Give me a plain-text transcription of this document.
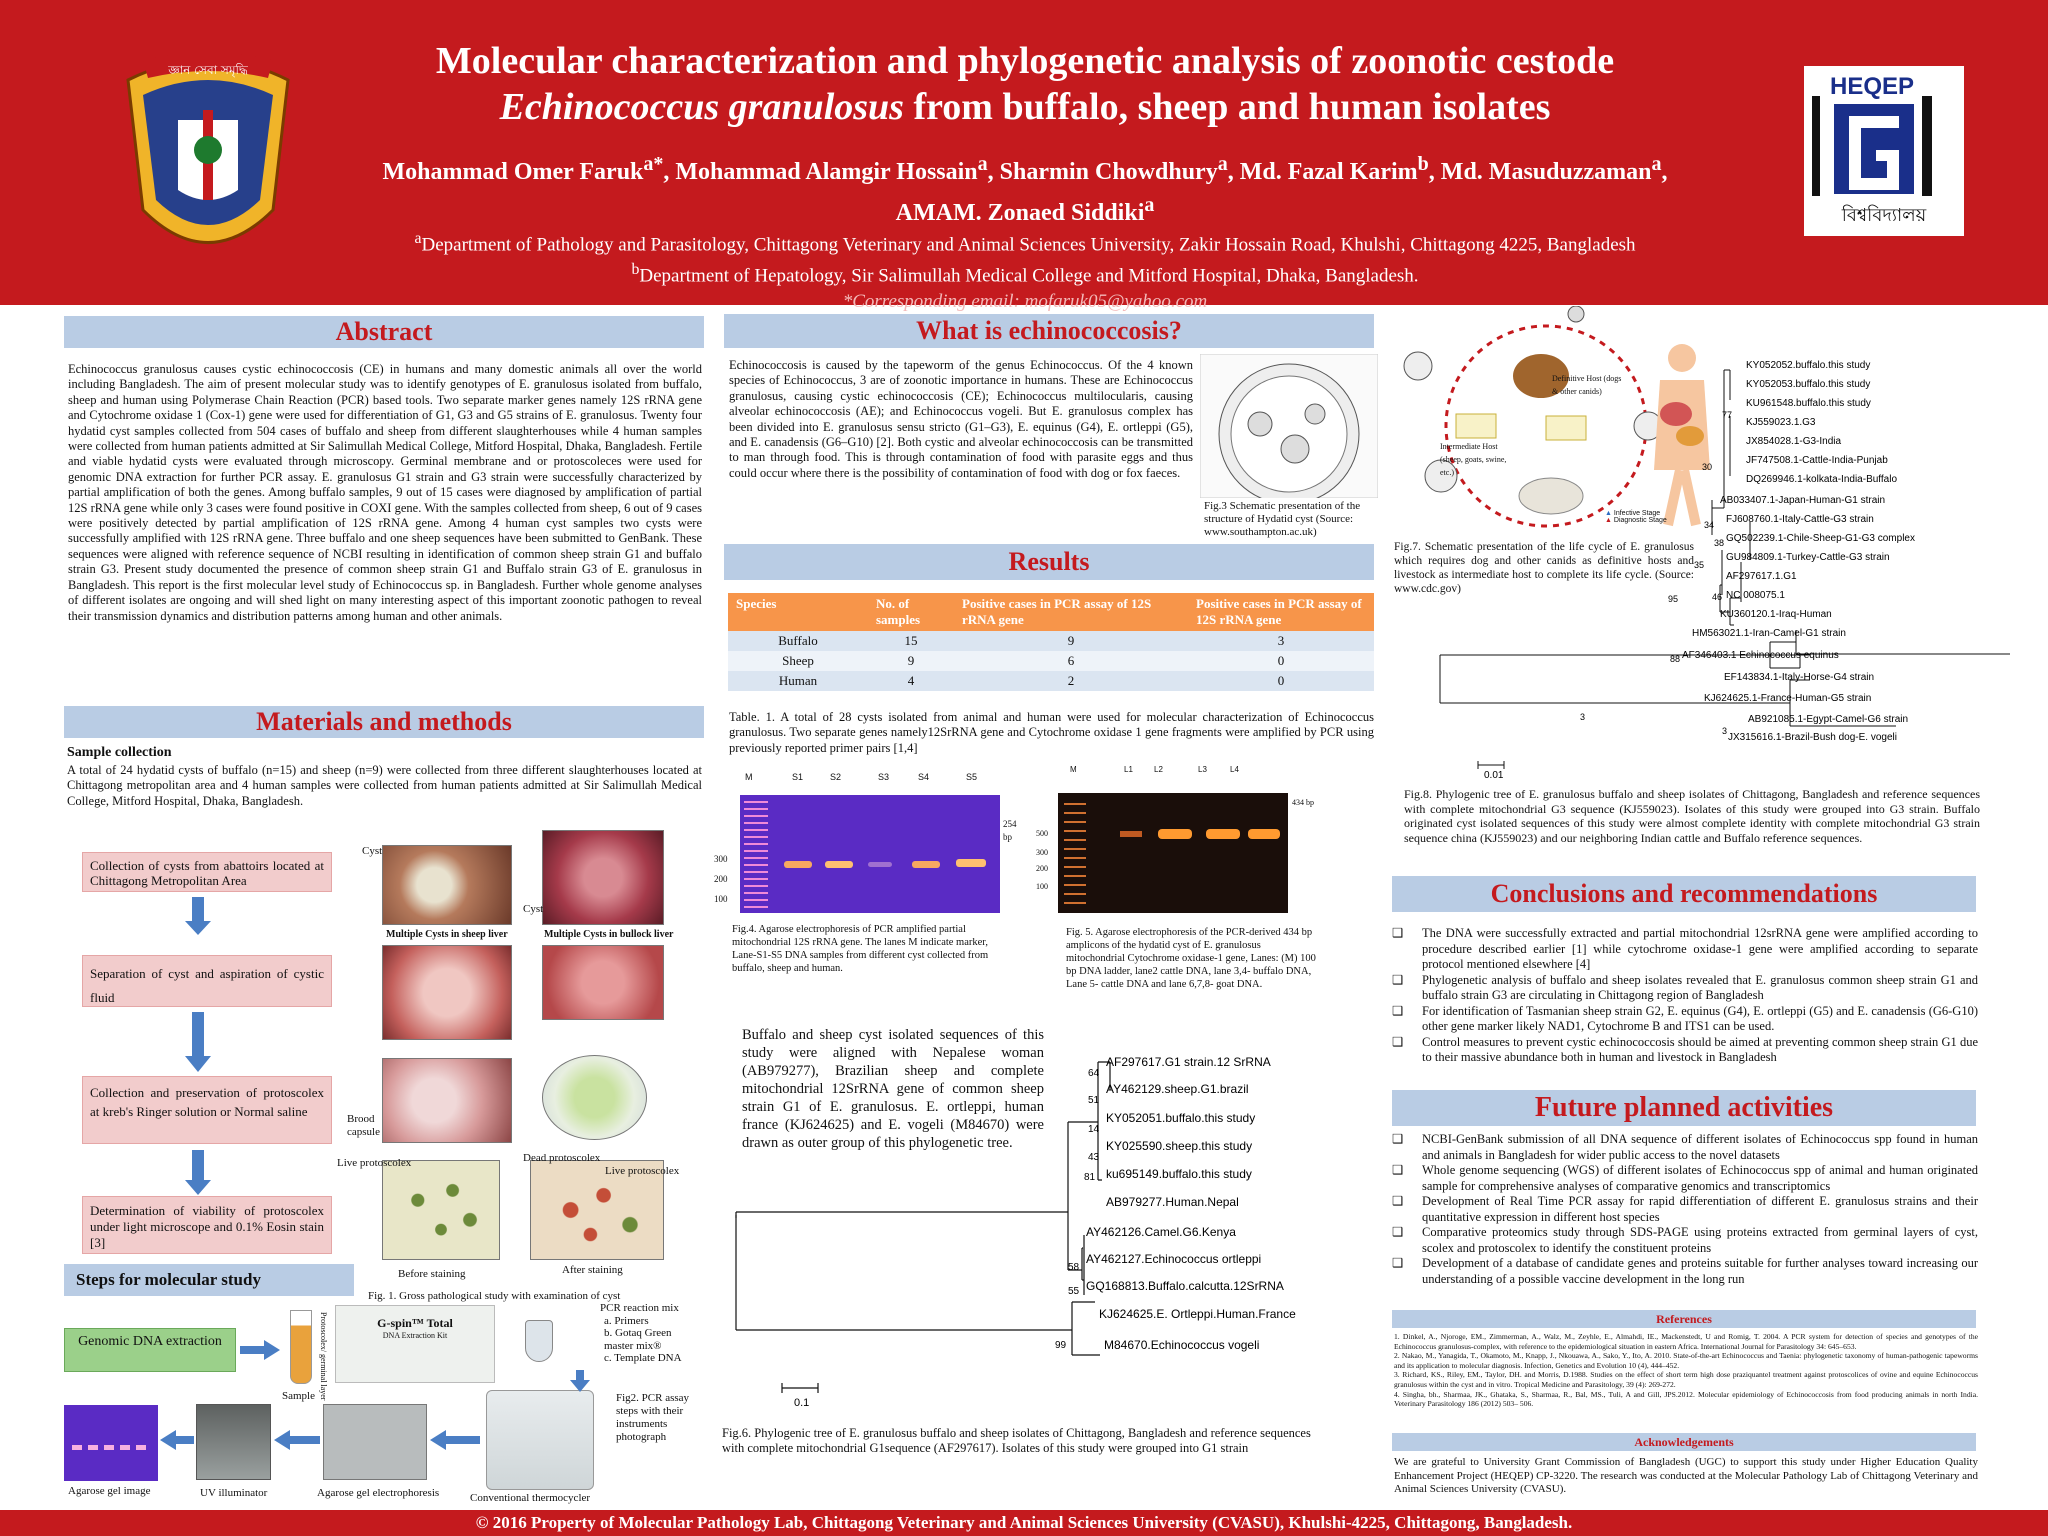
জ্ঞান সেবা সমৃদ্ধি	Molecular characterization and phylogenetic analysis of zoonotic cestode
Echinococcus granulosus from buffalo, sheep and human isolates
Mohammad Omer Faruk$^{a*}$, Mohammad Alamgir Hossain$^a$, Sharmin Chowdhury$^a$, Md. Fazal Karim$^b$, Md. Masuduzzaman$^a$,
AMAM. Zonaed Siddiki$^a$
$^a$Department of Pathology and Parasitology, Chittagong Veterinary and Animal Sciences University, Zakir Hossain Road, Khulshi, Chittagong 4225, Bangladesh
$^b$Department of Hepatology, Sir Salimullah Medical College and Mitford Hospital, Dhaka, Bangladesh.
*Corresponding email: mofaruk05@yahoo.com
HEQEP
বিশ্ববিদ্যালয়
Abstract
Echinococcus granulosus causes cystic echinococcosis (CE) in humans and many domestic animals all over the world including Bangladesh. The aim of present molecular study was to identify genotypes of E. granulosus isolated from buffalo, sheep and human using Polymerase Chain Reaction (PCR) based tools. Two separate marker genes namely 12S rRNA gene and Cytochrome oxidase 1 (Cox-1) gene were used for differentiation of G1, G3 and G5 strains of E. granulosus. Twenty four hydatid cyst samples collected from 504 cases of buffalo and sheep from different slaughterhouses while 4 human samples were collected from human patients admitted at Sir Salimullah Medical College, Mitford Hospital, Dhaka, Bangladesh. Fertile and viable hydatid cysts were evaluated through microscopy. Germinal membrane and or protoscoleces were used for genomic DNA extraction for further PCR assay. E. granulosus G1 strain and G3 strain were successfully characterized by partial amplification of both the genes. Among buffalo samples, 9 out of 15 cases were diagnosed by amplification of partial 12S rRNA gene while only 3 cases were found positive in COXI gene. With the samples collected from sheep, 6 out of 9 cases were positively detected by partial amplification of 12S rRNA gene. Among 4 human cyst samples two cysts were successfully amplified with 12S rRNA gene. Three buffalo and one sheep sequences have been submitted to GenBank. These sequences were aligned with reference sequence of NCBI resulting in identification of common sheep strain G1 and buffalo strain G3. Present study documented the presence of common sheep strain G1 and Buffalo strain G3 of E. granulosus in Bangladesh. This report is the first molecular level study of Echinococcus sp. in Bangladesh. Further whole genome analyses of different isolates are ongoing and will shed light on many interesting aspect of this important zoonotic pathogen to reveal their transmission dynamics and distribution patterns among human and other animals.
Materials and methods
Sample collection
A total of 24 hydatid cysts of buffalo (n=15) and sheep (n=9) were collected from three different slaughterhouses located at Chittagong metropolitan area and 4 human samples were collected from human patients admitted at Sir Salimullah Medical College, Mitford Hospital, Dhaka, Bangladesh.
Collection of cysts from abattoirs located at Chittagong Metropolitan Area
Separation of cyst and aspiration of cystic fluid
Collection and preservation of protoscolex at kreb's Ringer solution or Normal saline
Determination of viability of protoscolex under light microscope and 0.1% Eosin stain [3]
Cyst
Multiple Cysts in sheep liver
Cyst
Multiple Cysts in bullock liver
Brood capsule
Live protoscolex	Dead protoscolex
Live protoscolex
Before staining	After staining
Fig. 1. Gross pathological study with examination of cyst
Steps for molecular study
Genomic DNA extraction	Protoscolex/ germinal layer
Sample
G-spin™ Total
DNA Extraction Kit
PCR reaction mix
a. Primers
b. Gotaq Green master mix®
c. Template DNA
Fig2. PCR assay steps with their instruments photograph
Agarose gel image	UV illuminator	Agarose gel electrophoresis	Conventional thermocycler
What is echinococcosis?
Echinococcosis is caused by the tapeworm of the genus Echinococcus. Of the 4 known species of Echinococcus, 3 are of zoonotic importance in humans. These are Echinococcus granulosus, causing cystic echinococcosis (CE); Echinococcus multilocularis, causing alveolar echinococcosis (AE); and Echinococcus vogeli. But E. granulosus complex has been divided into E. granulosus sensu stricto (G1–G3), E. equinus (G4), E. ortleppi (G5), and E. canadensis (G6–G10) [2]. Both cystic and alveolar echinococcosis can be transmitted to man through food. This is through contamination of food with parasite eggs and thus could occur where there is the possibility of contamination of food with dog or fox faeces.
Fig.3 Schematic presentation of the structure of Hydatid cyst (Source: www.southampton.ac.uk)
Results
Species	No. of samples	Positive cases in PCR assay of 12S rRNA gene	Positive cases in PCR assay of 12S rRNA gene
Buffalo	15	9	3
Sheep	9	6	0
Human	4	2	0
Table. 1. A total of 28 cysts isolated from animal and human were used for molecular characterization of Echinococcus granulosus. Two separate genes namely12SrRNA gene and Cytochrome oxidase 1 gene fragments were amplified by PCR using previously reported primer pairs [1,4]
M	S1	S2	S3	S4	S5
300
200
100
254 bp
Fig.4. Agarose electrophoresis of PCR amplified partial mitochondrial 12S rRNA gene. The lanes M indicate marker, Lane-S1-S5 DNA samples from different cyst collected from buffalo, sheep and human.
M	L1	L2	L3	L4
500
300
200
100
434 bp
Fig. 5. Agarose electrophoresis of the PCR-derived 434 bp amplicons of the hydatid cyst of E. granulosus mitochondrial Cytochrome oxidase-1 gene, Lanes: (M) 100 bp DNA ladder, lane2 cattle DNA, lane 3,4- buffalo DNA, Lane 5- cattle DNA and lane 6,7,8- goat DNA.
Buffalo and sheep cyst isolated sequences of this study were aligned with Nepalese woman (AB979277), Brazilian sheep and complete mitochondrial 12SrRNA gene of common sheep strain G1 of E. granulosus. E. ortleppi, human france (KJ624625) and E. vogeli (M84670) were drawn as outer group of this phylogenetic tree.
AF297617.G1 strain.12 SrRNA
AY462129.sheep.G1.brazil
KY052051.buffalo.this study
KY025590.sheep.this study
ku695149.buffalo.this study
AB979277.Human.Nepal
AY462126.Camel.G6.Kenya
AY462127.Echinococcus ortleppi
GQ168813.Buffalo.calcutta.12SrRNA
KJ624625.E. Ortleppi.Human.France
M84670.Echinococcus vogeli
64
51
14
43
81
58
55
99
0.1
Fig.6. Phylogenic tree of E. granulosus buffalo and sheep isolates of Chittagong, Bangladesh and reference sequences with complete mitochondrial G1sequence (AF297617). Isolates of this study were grouped into G1 strain
▲ Infective Stage
▲ Diagnostic Stage
Definitive Host (dogs & other canids)
Intermediate Host (sheep, goats, swine, etc.)
Fig.7. Schematic presentation of the life cycle of E. granulosus which requires dog and other canids as definitive hosts and livestock as intermediate host to complete its life cycle. (Source: www.cdc.gov)
KY052052.buffalo.this study
KY052053.buffalo.this study
KU961548.buffalo.this study
KJ559023.1.G3
JX854028.1-G3-India
JF747508.1-Cattle-India-Punjab
DQ269946.1-kolkata-India-Buffalo
AB033407.1-Japan-Human-G1 strain
FJ608760.1-Italy-Cattle-G3 strain
GQ502239.1-Chile-Sheep-G1-G3 complex
GU984809.1-Turkey-Cattle-G3 strain
AF297617.1.G1
NC 008075.1
KU360120.1-Iraq-Human
HM563021.1-Iran-Camel-G1 strain
AF346403.1 Echinococcus equinus
EF143834.1-Italy-Horse-G4 strain
KJ624625.1-France-Human-G5 strain
AB921085.1-Egypt-Camel-G6 strain
JX315616.1-Brazil-Bush dog-E. vogeli
77
30
34
38
35
46
95
88
3
3
0.01
Fig.8. Phylogenic tree of E. granulosus buffalo and sheep isolates of Chittagong, Bangladesh and reference sequences with complete mitochondrial G3 sequence (KJ559023). Isolates of this study were grouped into G3 strain. Buffalo originated cyst isolated sequences of this study were almost complete identity with complete mitochondrial G3 strain sequence china (KJ559023) and our neighboring Indian cattle and Buffalo reference sequences.
Conclusions and recommendations
❑ The DNA were successfully extracted and partial mitochondrial 12srRNA gene were amplified according to procedure described earlier [1] while cytochrome oxidase-1 gene were amplified according to separate protocol mentioned elsewhere [4]
❑ Phylogenetic analysis of buffalo and sheep isolates revealed that E. granulosus common sheep strain G1 and buffalo strain G3 are circulating in Chittagong region of Bangladesh
❑ For identification of Tasmanian sheep strain G2, E. equinus (G4), E. ortleppi (G5) and E. canadensis (G6-G10) other gene marker likely NAD1, Cytochrome B and ITS1 can be used.
❑ Control measures to prevent cystic echinococcosis should be aimed at preventing common sheep strain G1 due to their massive abundance both in human and livestock in Bangladesh
Future planned activities
❑ NCBI-GenBank submission of all DNA sequence of different isolates of Echinococcus spp found in human and animals in Bangladesh for wider public access to the novel datasets
❑ Whole genome sequencing (WGS) of different isolates of Echinococcus spp of animal and human originated sample for comprehensive analyses of comparative genomics and transcriptomics
❑ Development of Real Time PCR assay for rapid differentiation of different E. granulosus strains and their quantitative expression in different host species
❑ Comparative proteomics study through SDS-PAGE using proteins extracted from germinal layers of cyst, scolex and protoscolex to identify the constituent proteins
❑ Development of a database of candidate genes and proteins suitable for further analyses toward increasing our understanding of a possible vaccine development in the long run
References
1. Dinkel, A., Njoroge, EM., Zimmerman, A., Walz, M., Zeyhle, E., Almahdi, IE., Mackenstedt, U and Romig, T. 2004. A PCR system for detection of species and genotypes of the Echinococcus granulosus-complex, with reference to the epidemiological situation in eastern Africa. International Journal for Parasitology 34: 645–653.
2. Nakao, M., Yanagida, T., Okamoto, M., Knapp, J., Nkouawa, A., Sako, Y., Ito, A. 2010. State-of-the-art Echinococcus and Taenia: phylogenetic taxonomy of human-pathogenic tapeworms and its application to molecular diagnosis. Infection, Genetics and Evolution 10 (4), 444–452.
3. Richard, KS., Riley, EM., Taylor, DH. and Morris, D.1988. Studies on the effect of short term high dose praziquantel treatment against protoscolices of ovine and equine Echinococcus granulosus within the cyst and in vitro. Tropical Medicine and Parasitology, 39 (4): 269-272.
4. Singha, bh., Sharmaa, JK., Ghataka, S., Sharmaa, R., Bal, MS., Tuli, A and Gill, JPS.2012. Molecular epidemiology of Echinococcosis from food producing animals in north India. Veterinary Parasitology 186 (2012) 503– 506.
Acknowledgements
We are grateful to University Grant Commission of Bangladesh (UGC) to support this study under Higher Education Quality Enhancement Project (HEQEP) CP-3220. The research was conducted at the Molecular Pathology Lab of Chittagong Veterinary and Animal Sciences University (CVASU).
© 2016 Property of Molecular Pathology Lab, Chittagong Veterinary and Animal Sciences University (CVASU), Khulshi-4225, Chittagong, Bangladesh.
